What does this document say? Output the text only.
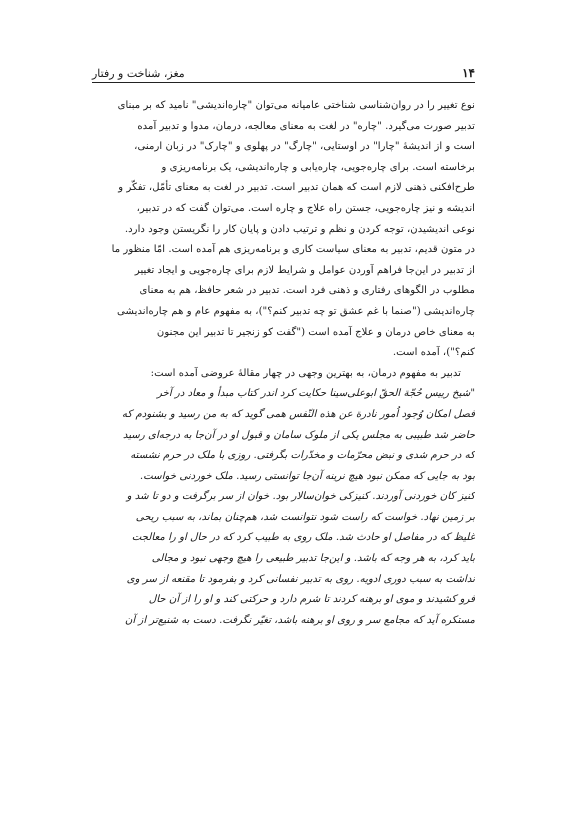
۱۴
مغز، شناخت و رفتار
نوع تغییر را در روان‌شناسی شناختی عامیانه می‌توان "چاره‌اندیشی" نامید که بر مبنای
تدبیر صورت می‌گیرد. "چاره" در لغت به معنای معالجه، درمان، مدوا و تدبیر آمده
است و از اندیشهٔ "چارا" در اوستایی، "چارگ" در پهلوی و "چارک" در زبان ارمنی،
برخاسته است. برای چاره‌جویی، چاره‌یابی و چاره‌اندیشی، یک برنامه‌ریزی و
طرح‌افکنی ذهنی لازم است که همان تدبیر است. تدبیر در لغت به معنای تأمّل، تفکّر و
اندیشه و نیز چاره‌جویی، جستن راه علاج و چاره است. می‌توان گفت که در تدبیر،
نوعی اندیشیدن، توجه کردن و نظم و ترتیب دادن و پایان کار را نگریستن وجود دارد.
در متون قدیم، تدبیر به معنای سیاست کاری و برنامه‌ریزی هم آمده است. امّا منظور ما
از تدبیر در این‌جا فراهم آوردن عوامل و شرایط لازم برای چاره‌جویی و ایجاد تغییر
مطلوب در الگوهای رفتاری و ذهنی فرد است. تدبیر در شعر حافظ، هم به معنای
چاره‌اندیشی ("صنما با غم عشق تو چه تدبیر کنم؟")، به مفهوم عام و هم چاره‌اندیشی
به معنای خاص درمان و علاج آمده است ("گفت کو زنجیر تا تدبیر این مجنون
کنم؟")، آمده است.
تدبیر به مفهوم درمان، به بهترین وجهی در چهار مقالهٔ عروضی آمده است:
"شیخ رییس حُجّة الحقّ ابوعلی‌سینا حکایت کرد اندر کتاب مبدأ و معاد در آخر
فصل امکان وُجود اُمور نادرة عن هذه النّفس همی گوید که به من رسید و بشنودم که
حاضر شد طبیبی به مجلس یکی از ملوک سامان و قبول او در آن‌جا به درجه‌ای رسید
که در حرم شدی و نبض محرّمات و مخدّرات بگرفتی. روزی با ملک در حرم نشسته
بود به جایی که ممکن نبود هیچ نرینه آن‌جا توانستی رسید. ملک خوردنی خواست.
کنیز کان خوردنی آوردند. کنیزکی خوان‌سالار بود. خوان از سر برگرفت و دو تا شد و
بر زمین نهاد. خواست که راست شود نتوانست شد، هم‌چنان بماند، به سبب ریحی
غلیظ که در مفاصل او حادث شد. ملک روی به طبیب کرد که در حال او را معالجت
باید کرد، به هر وجه که باشد. و این‌جا تدبیر طبیعی را هیچ وجهی نبود و مجالی
نداشت به سبب دوری ادویه. روی به تدبیر نفسانی کرد و بفرمود تا مقنعه از سر وی
فرو کشیدند و موی او برهنه کردند تا شرم دارد و حرکتی کند و او را از آن حال
مستکره آید که مجامع سر و روی او برهنه باشد، تغیّر نگرفت. دست به شنیع‌تر از آن
